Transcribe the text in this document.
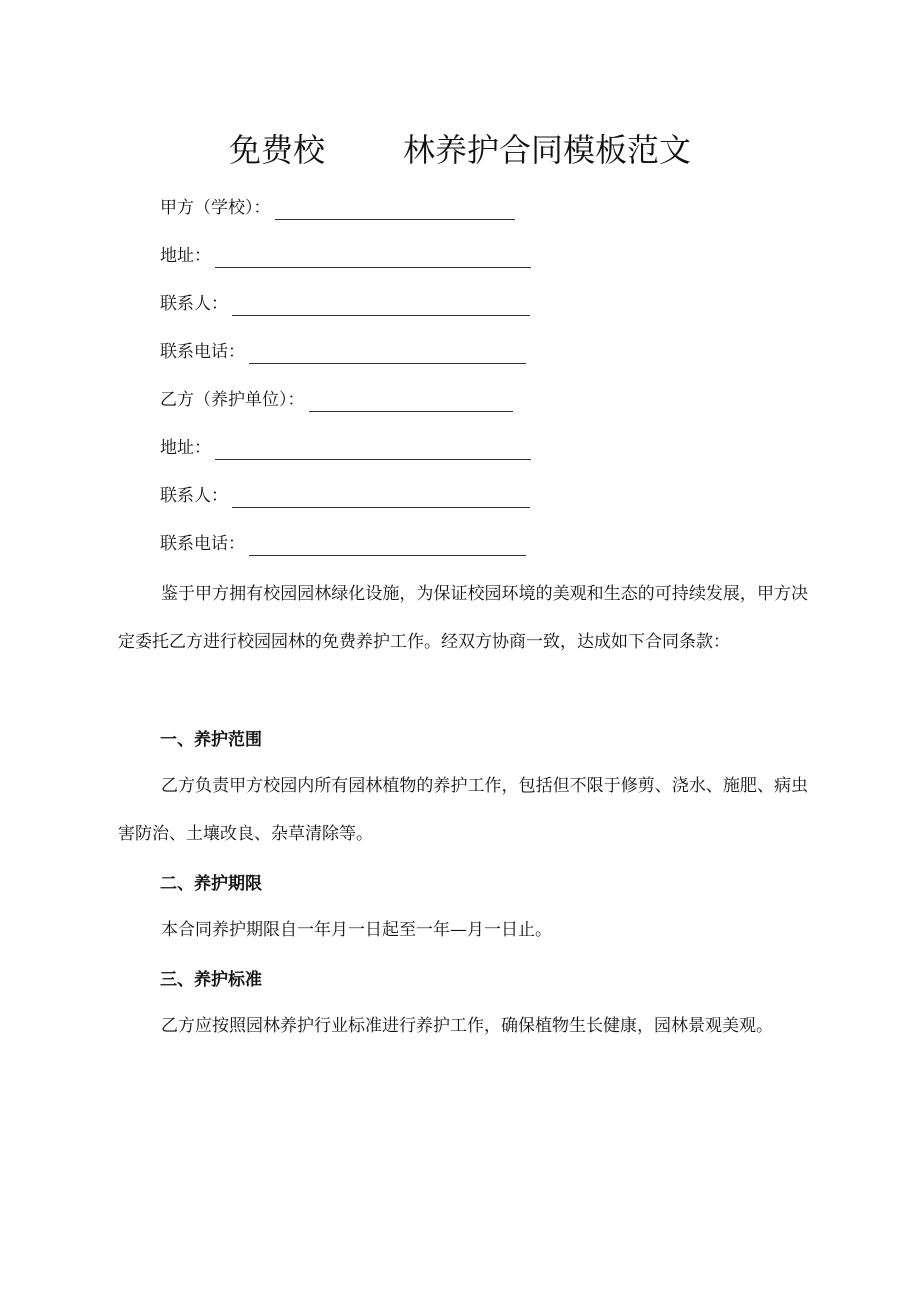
免费校 林养护合同模板范文
甲方（学校）：
地址：
联系人：
联系电话：
乙方（养护单位）：
地址：
联系人：
联系电话：

鉴于甲方拥有校园园林绿化设施，为保证校园环境的美观和生态的可持续发展，甲方决定委托乙方进行校园园林的免费养护工作。经双方协商一致，达成如下合同条款：

一、养护范围

乙方负责甲方校园内所有园林植物的养护工作，包括但不限于修剪、浇水、施肥、病虫害防治、土壤改良、杂草清除等。

二、养护期限

本合同养护期限自一年月一日起至一年—月一日止。

三、养护标准

乙方应按照园林养护行业标准进行养护工作，确保植物生长健康，园林景观美观。
